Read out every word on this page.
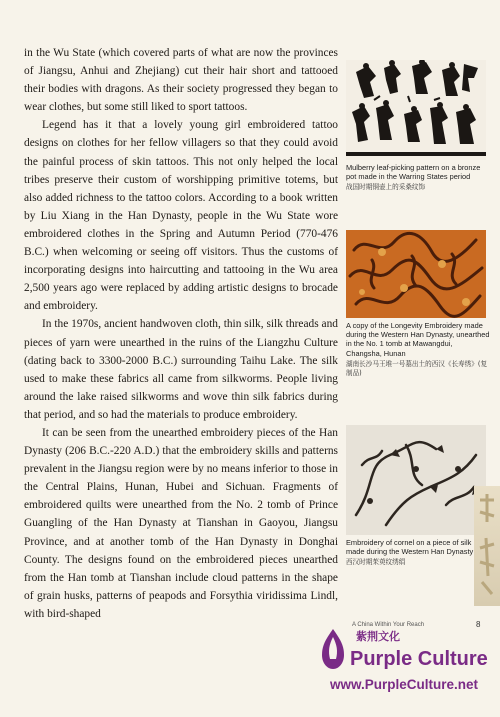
in the Wu State (which covered parts of what are now the provinces of Jiangsu, Anhui and Zhejiang) cut their hair short and tattooed their bodies with dragons. As their society progressed they began to wear clothes, but some still liked to sport tattoos.

Legend has it that a lovely young girl embroidered tattoo designs on clothes for her fellow villagers so that they could avoid the painful process of skin tattoos. This not only helped the local tribes preserve their custom of worshipping primitive totems, but also added richness to the tattoo colors. According to a book written by Liu Xiang in the Han Dynasty, people in the Wu State wore embroidered clothes in the Spring and Autumn Period (770-476 B.C.) when welcoming or seeing off visitors. Thus the customs of incorporating designs into haircutting and tattooing in the Wu area 2,500 years ago were replaced by adding artistic designs to brocade and embroidery.

In the 1970s, ancient handwoven cloth, thin silk, silk threads and pieces of yarn were unearthed in the ruins of the Liangzhu Culture (dating back to 3300-2000 B.C.) surrounding Taihu Lake. The silk used to make these fabrics all came from silkworms. People living around the lake raised silkworms and wove thin silk fabrics during that period, and so had the materials to produce embroidery.

It can be seen from the unearthed embroidery pieces of the Han Dynasty (206 B.C.-220 A.D.) that the embroidery skills and patterns prevalent in the Jiangsu region were by no means inferior to those in the Central Plains, Hunan, Hubei and Sichuan. Fragments of embroidered quilts were unearthed from the No. 2 tomb of Prince Guangling of the Han Dynasty at Tianshan in Gaoyou, Jiangsu Province, and at another tomb of the Han Dynasty in Donghai County. The designs found on the embroidered pieces unearthed from the Han tomb at Tianshan include cloud patterns in the shape of grain husks, patterns of peapods and Forsythia viridissima Lindl, with bird-shaped

Mulberry leaf-picking pattern on a bronze pot made in the Warring States period
战国时期铜壶上的采桑纹饰
A copy of the Longevity Embroidery made during the Western Han Dynasty, unearthed in the No. 1 tomb at Mawangdui, Changsha, Hunan
湖南长沙马王堆一号墓出土的西汉《长寿绣》(复制品)
Embroidery of cornel on a piece of silk made during the Western Han Dynasty
西汉时期茱萸纹绣绢
8
A China Within Your Reach
紫荆文化
Purple Culture
www.PurpleCulture.net
